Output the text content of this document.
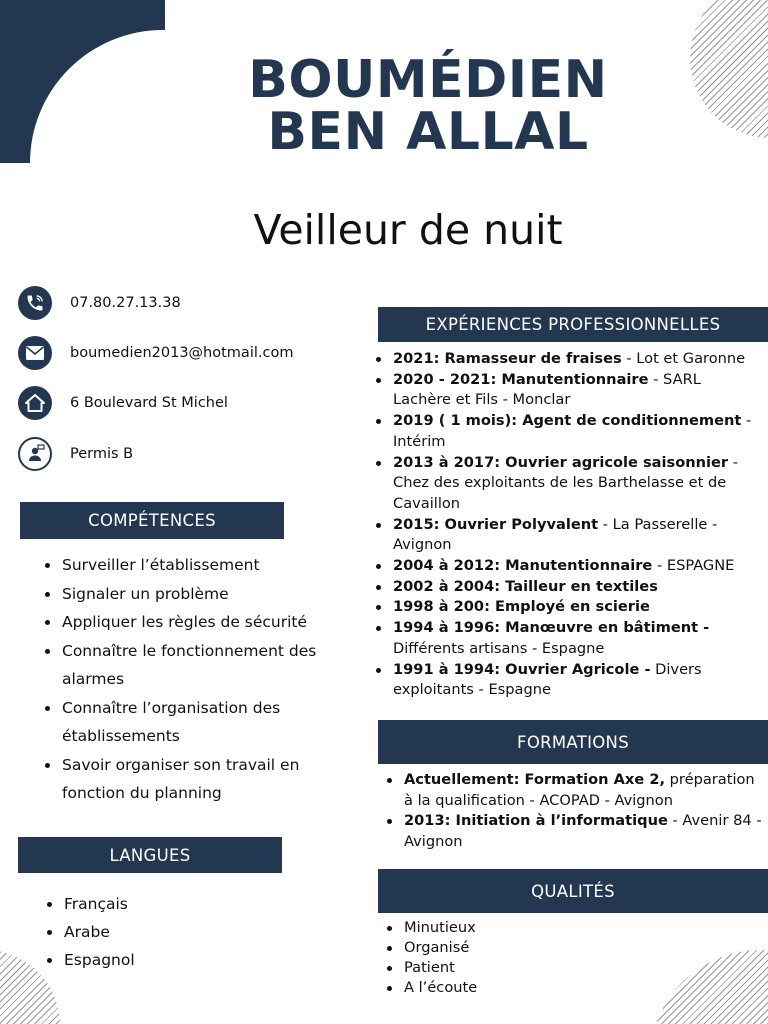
BOUMÉDIEN
BEN ALLAL
Veilleur de nuit
07.80.27.13.38
boumedien2013@hotmail.com
6 Boulevard St Michel
Permis B
COMPÉTENCES
Surveiller l’établissement
Signaler un problème
Appliquer les règles de sécurité
Connaître le fonctionnement des alarmes
Connaître l’organisation des établissements
Savoir organiser son travail en fonction du planning
LANGUES
Français
Arabe
Espagnol
EXPÉRIENCES PROFESSIONNELLES
2021: Ramasseur de fraises - Lot et Garonne
2020 - 2021: Manutentionnaire - SARL Lachère et Fils - Monclar
2019 ( 1 mois): Agent de conditionnement - Intérim
2013 à 2017: Ouvrier agricole saisonnier - Chez des exploitants de les Barthelasse et de Cavaillon
2015: Ouvrier Polyvalent - La Passerelle - Avignon
2004 à 2012: Manutentionnaire - ESPAGNE
2002 à 2004: Tailleur en textiles
1998 à 200: Employé en scierie
1994 à 1996: Manœuvre en bâtiment - Différents artisans - Espagne
1991 à 1994: Ouvrier Agricole - Divers exploitants - Espagne
FORMATIONS
Actuellement: Formation Axe 2, préparation à la qualification - ACOPAD - Avignon
2013: Initiation à l’informatique - Avenir 84 - Avignon
QUALITÉS
Minutieux
Organisé
Patient
A l’écoute
